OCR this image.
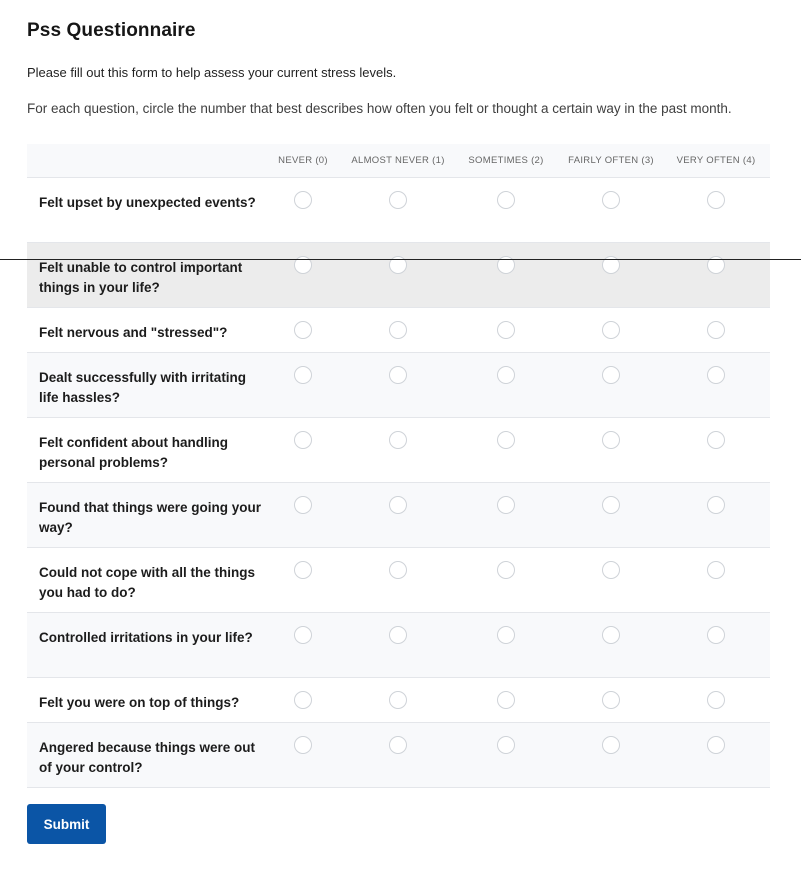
Pss Questionnaire
Please fill out this form to help assess your current stress levels.
For each question, circle the number that best describes how often you felt or thought a certain way in the past month.
NEVER (0) ALMOST NEVER (1)	SOMETIMES (2)	FAIRLY OFTEN (3) VERY OFTEN (4)
Felt upset by unexpected events?
Felt unable to control important things in your life?
Felt nervous and "stressed"?
Dealt successfully with irritating life hassles?
Felt confident about handling personal problems?
Found that things were going your way?
Could not cope with all the things you had to do?
Controlled irritations in your life?
Felt you were on top of things?
Angered because things were out of your control?
Submit
